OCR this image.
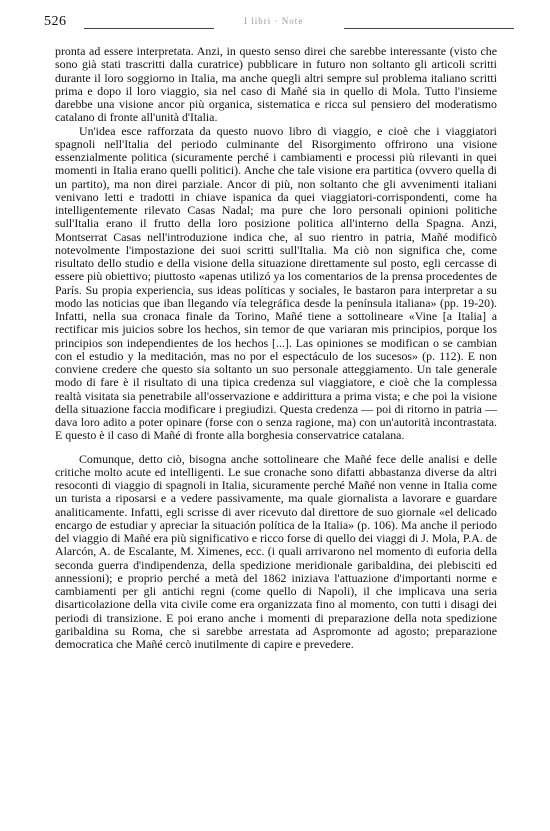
526	I libri · Note

pronta ad essere interpretata. Anzi, in questo senso direi che sarebbe interessante (visto che sono già stati trascritti dalla curatrice) pubblicare in futuro non soltanto gli articoli scritti durante il loro soggiorno in Italia, ma anche quegli altri sempre sul problema italiano scritti prima e dopo il loro viaggio, sia nel caso di Mañé sia in quello di Mola. Tutto l'insieme darebbe una visione ancor più organica, sistematica e ricca sul pensiero del moderatismo catalano di fronte all'unità d'Italia.

Un'idea esce rafforzata da questo nuovo libro di viaggio, e cioè che i viaggiatori spagnoli nell'Italia del periodo culminante del Risorgimento offrirono una visione essenzialmente politica (sicuramente perché i cambiamenti e processi più rilevanti in quei momenti in Italia erano quelli politici). Anche che tale visione era partitica (ovvero quella di un partito), ma non direi parziale. Ancor di più, non soltanto che gli avvenimenti italiani venivano letti e tradotti in chiave ispanica da quei viaggiatori-corrispondenti, come ha intelligentemente rilevato Casas Nadal; ma pure che loro personali opinioni politiche sull'Italia erano il frutto della loro posizione politica all'interno della Spagna. Anzi, Montserrat Casas nell'introduzione indica che, al suo rientro in patria, Mañé modificò notevolmente l'impostazione dei suoi scritti sull'Italia. Ma ciò non significa che, come risultato dello studio e della visione della situazione direttamente sul posto, egli cercasse di essere più obiettivo; piuttosto «apenas utilizó ya los comentarios de la prensa procedentes de París. Su propia experiencia, sus ideas políticas y sociales, le bastaron para interpretar a su modo las noticias que iban llegando vía telegráfica desde la península italiana» (pp. 19-20). Infatti, nella sua cronaca finale da Torino, Mañé tiene a sottolineare «Vine [a Italia] a rectificar mis juicios sobre los hechos, sin temor de que variaran mis principios, porque los principios son independientes de los hechos [...]. Las opiniones se modifican o se cambian con el estudio y la meditación, mas no por el espectáculo de los sucesos» (p. 112). E non conviene credere che questo sia soltanto un suo personale atteggiamento. Un tale generale modo di fare è il risultato di una tipica credenza sul viaggiatore, e cioè che la complessa realtà visitata sia penetrabile all'osservazione e addirittura a prima vista; e che poi la visione della situazione faccia modificare i pregiudizi. Questa credenza — poi di ritorno in patria — dava loro adito a poter opinare (forse con o senza ragione, ma) con un'autorità incontrastata. E questo è il caso di Mañé di fronte alla borghesia conservatrice catalana.

Comunque, detto ciò, bisogna anche sottolineare che Mañé fece delle analisi e delle critiche molto acute ed intelligenti. Le sue cronache sono difatti abbastanza diverse da altri resoconti di viaggio di spagnoli in Italia, sicuramente perché Mañé non venne in Italia come un turista a riposarsi e a vedere passivamente, ma quale giornalista a lavorare e guardare analiticamente. Infatti, egli scrisse di aver ricevuto dal direttore de suo giornale «el delicado encargo de estudiar y apreciar la situación política de la Italia» (p. 106). Ma anche il periodo del viaggio di Mañé era più significativo e ricco forse di quello dei viaggi di J. Mola, P.A. de Alarcón, A. de Escalante, M. Ximenes, ecc. (i quali arrivarono nel momento di euforia della seconda guerra d'indipendenza, della spedizione meridionale garibaldina, dei plebisciti ed annessioni); e proprio perché a metà del 1862 iniziava l'attuazione d'importanti norme e cambiamenti per gli antichi regni (come quello di Napoli), il che implicava una seria disarticolazione della vita civile come era organizzata fino al momento, con tutti i disagi dei periodi di transizione. E poi erano anche i momenti di preparazione della nota spedizione garibaldina su Roma, che si sarebbe arrestata ad Aspromonte ad agosto; preparazione democratica che Mañé cercò inutilmente di capire e prevedere.
